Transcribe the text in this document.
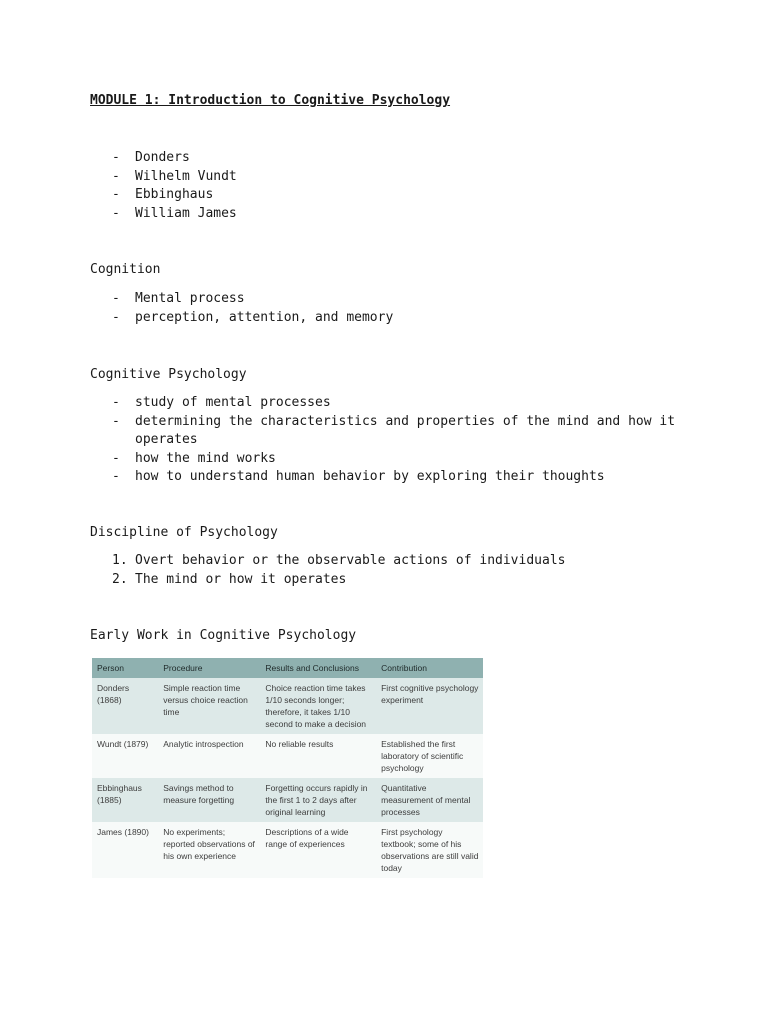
MODULE 1: Introduction to Cognitive Psychology
- Donders
- Wilhelm Vundt
- Ebbinghaus
- William James
Cognition
- Mental process
- perception, attention, and memory
Cognitive Psychology
- study of mental processes
- determining the characteristics and properties of the mind and how it operates
- how the mind works
- how to understand human behavior by exploring their thoughts
Discipline of Psychology
1. Overt behavior or the observable actions of individuals
2. The mind or how it operates
Early Work in Cognitive Psychology
Person	Procedure	Results and Conclusions	Contribution
Donders (1868)	Simple reaction time versus choice reaction time	Choice reaction time takes 1/10 seconds longer; therefore, it takes 1/10 second to make a decision	First cognitive psychology experiment
Wundt (1879)	Analytic introspection	No reliable results	Established the first laboratory of scientific psychology
Ebbinghaus (1885)	Savings method to measure forgetting	Forgetting occurs rapidly in the first 1 to 2 days after original learning	Quantitative measurement of mental processes
James (1890)	No experiments; reported observations of his own experience	Descriptions of a wide range of experiences	First psychology textbook; some of his observations are still valid today
